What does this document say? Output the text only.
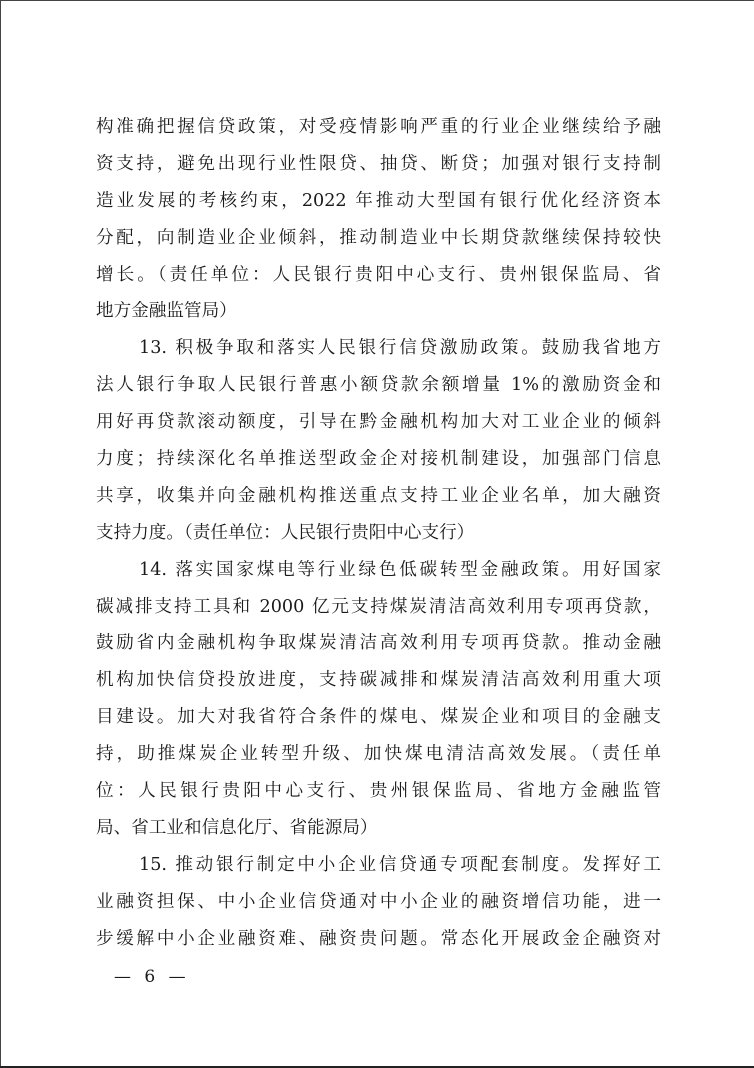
构准确把握信贷政策，对受疫情影响严重的行业企业继续给予融
资支持，避免出现行业性限贷、抽贷、断贷；加强对银行支持制
造业发展的考核约束，2022 年推动大型国有银行优化经济资本
分配，向制造业企业倾斜，推动制造业中长期贷款继续保持较快
增长。（责任单位：人民银行贵阳中心支行、贵州银保监局、省
地方金融监管局）
13. 积极争取和落实人民银行信贷激励政策。鼓励我省地方
法人银行争取人民银行普惠小额贷款余额增量 1%的激励资金和
用好再贷款滚动额度，引导在黔金融机构加大对工业企业的倾斜
力度；持续深化名单推送型政金企对接机制建设，加强部门信息
共享，收集并向金融机构推送重点支持工业企业名单，加大融资
支持力度。（责任单位：人民银行贵阳中心支行）
14. 落实国家煤电等行业绿色低碳转型金融政策。用好国家
碳减排支持工具和 2000 亿元支持煤炭清洁高效利用专项再贷款，
鼓励省内金融机构争取煤炭清洁高效利用专项再贷款。推动金融
机构加快信贷投放进度，支持碳减排和煤炭清洁高效利用重大项
目建设。加大对我省符合条件的煤电、煤炭企业和项目的金融支
持，助推煤炭企业转型升级、加快煤电清洁高效发展。（责任单
位：人民银行贵阳中心支行、贵州银保监局、省地方金融监管
局、省工业和信息化厅、省能源局）
15. 推动银行制定中小企业信贷通专项配套制度。发挥好工
业融资担保、中小企业信贷通对中小企业的融资增信功能，进一
步缓解中小企业融资难、融资贵问题。常态化开展政金企融资对
— 6 —
